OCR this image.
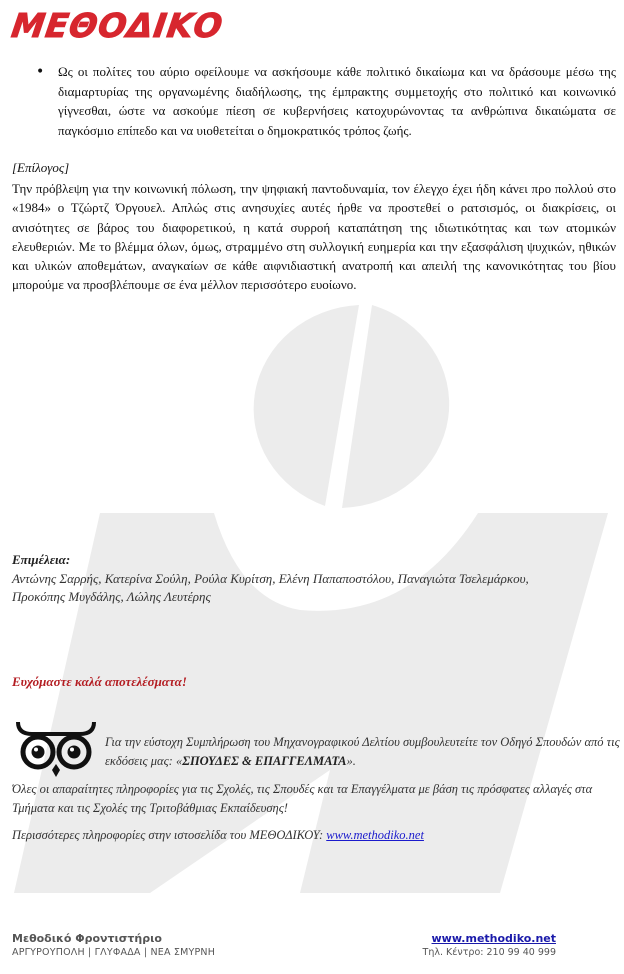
ΜΕΘΟΔΙΚΟ
•	Ως οι πολίτες του αύριο οφείλουμε να ασκήσουμε κάθε πολιτικό δικαίωμα και να δράσουμε μέσω της διαμαρτυρίας της οργανωμένης διαδήλωσης, της έμπρακτης συμμετοχής στο πολιτικό και κοινωνικό γίγνεσθαι, ώστε να ασκούμε πίεση σε κυβερνήσεις κατοχυρώνοντας τα ανθρώπινα δικαιώματα σε παγκόσμιο επίπεδο και να υιοθετείται ο δημοκρατικός τρόπος ζωής.
[Επίλογος]
Την πρόβλεψη για την κοινωνική πόλωση, την ψηφιακή παντοδυναμία, τον έλεγχο έχει ήδη κάνει προ πολλού στο «1984» ο Τζώρτζ Όργουελ. Απλώς στις ανησυχίες αυτές ήρθε να προστεθεί ο ρατσισμός, οι διακρίσεις, οι ανισότητες σε βάρος του διαφορετικού, η κατά συρροή καταπάτηση της ιδιωτικότητας και των ατομικών ελευθεριών. Με το βλέμμα όλων, όμως, στραμμένο στη συλλογική ευημερία και την εξασφάλιση ψυχικών, ηθικών και υλικών αποθεμάτων, αναγκαίων σε κάθε αιφνιδιαστική ανατροπή και απειλή της κανονικότητας του βίου μπορούμε να προσβλέπουμε σε ένα μέλλον περισσότερο ευοίωνο.
Επιμέλεια:
Αντώνης Σαρρής, Κατερίνα Σούλη, Ρούλα Κυρίτση, Ελένη Παπαποστόλου, Παναγιώτα Τσελεμάρκου, Προκόπης Μυγδάλης, Λώλης Λευτέρης
Ευχόμαστε καλά αποτελέσματα!
Για την εύστοχη Συμπλήρωση του Μηχανογραφικού Δελτίου συμβουλευτείτε τον Οδηγό Σπουδών από τις εκδόσεις μας: «ΣΠΟΥΔΕΣ & ΕΠΑΓΓΕΛΜΑΤΑ».
Όλες οι απαραίτητες πληροφορίες για τις Σχολές, τις Σπουδές και τα Επαγγέλματα με βάση τις πρόσφατες αλλαγές στα Τμήματα και τις Σχολές της Τριτοβάθμιας Εκπαίδευσης!
Περισσότερες πληροφορίες στην ιστοσελίδα του ΜΕΘΟΔΙΚΟΥ: www.methodiko.net
Μεθοδικό Φροντιστήριο
ΑΡΓΥΡΟΥΠΟΛΗ | ΓΛΥΦΑΔΑ | ΝΕΑ ΣΜΥΡΝΗ
www.methodiko.net
Τηλ. Κέντρο: 210 99 40 999
